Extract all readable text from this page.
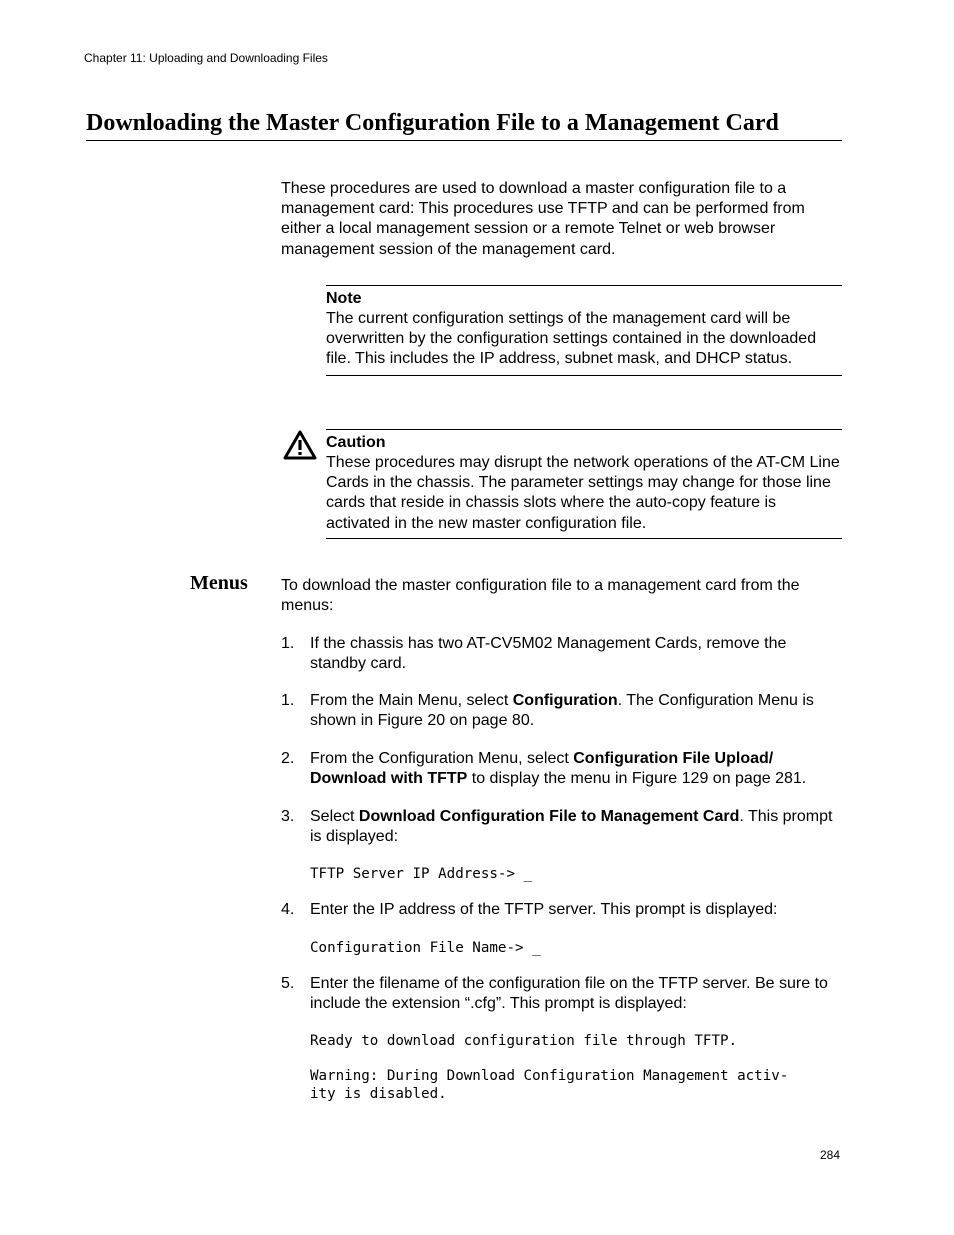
Chapter 11: Uploading and Downloading Files
Downloading the Master Configuration File to a Management Card
These procedures are used to download a master configuration file to a management card: This procedures use TFTP and can be performed from either a local management session or a remote Telnet or web browser management session of the management card.
Note
The current configuration settings of the management card will be overwritten by the configuration settings contained in the downloaded file. This includes the IP address, subnet mask, and DHCP status.
Caution
These procedures may disrupt the network operations of the AT-CM Line Cards in the chassis. The parameter settings may change for those line cards that reside in chassis slots where the auto-copy feature is activated in the new master configuration file.
Menus To download the master configuration file to a management card from the menus:
1. If the chassis has two AT-CV5M02 Management Cards, remove the standby card.
1. From the Main Menu, select Configuration. The Configuration Menu is shown in Figure 20 on page 80.
2. From the Configuration Menu, select Configuration File Upload/ Download with TFTP to display the menu in Figure 129 on page 281.
3. Select Download Configuration File to Management Card. This prompt is displayed:
TFTP Server IP Address-> _
4. Enter the IP address of the TFTP server. This prompt is displayed:
Configuration File Name-> _
5. Enter the filename of the configuration file on the TFTP server. Be sure to include the extension “.cfg”. This prompt is displayed:
Ready to download configuration file through TFTP.
Warning: During Download Configuration Management activ-
ity is disabled.
284
